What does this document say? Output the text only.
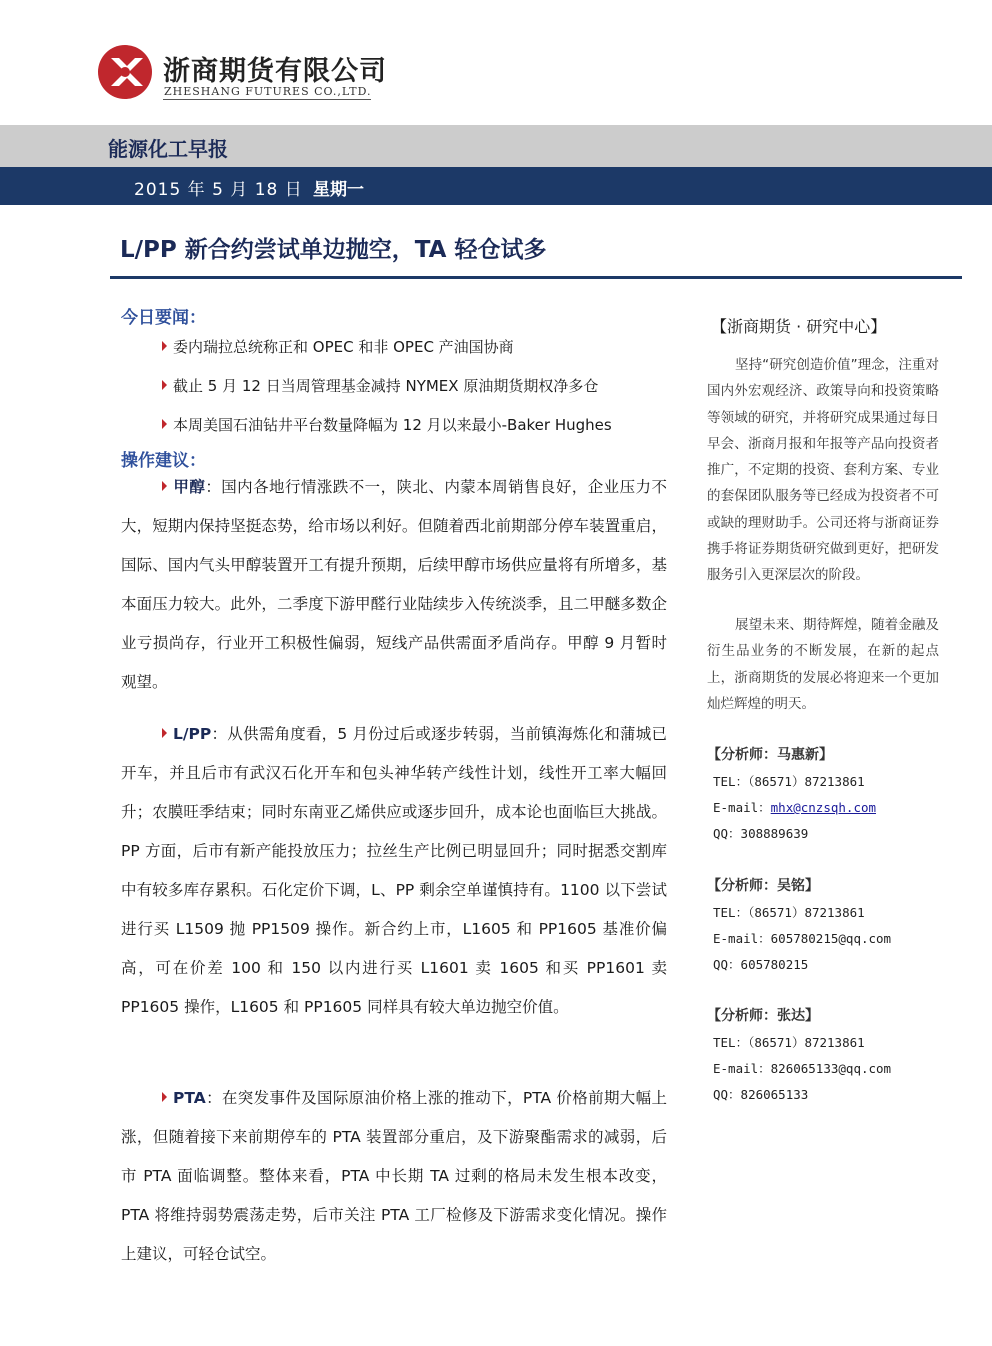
浙商期货有限公司
ZHESHANG FUTURES CO.,LTD.
能源化工早报
2015 年 5 月 18 日 星期一
L/PP 新合约尝试单边抛空，TA 轻仓试多
今日要闻：
委内瑞拉总统称正和 OPEC 和非 OPEC 产油国协商
截止 5 月 12 日当周管理基金减持 NYMEX 原油期货期权净多仓
本周美国石油钻井平台数量降幅为 12 月以来最小-Baker Hughes
操作建议：
甲醇：国内各地行情涨跌不一，陕北、内蒙本周销售良好，企业压力不大，短期内保持坚挺态势，给市场以利好。但随着西北前期部分停车装置重启，国际、国内气头甲醇装置开工有提升预期，后续甲醇市场供应量将有所增多，基本面压力较大。此外，二季度下游甲醛行业陆续步入传统淡季，且二甲醚多数企业亏损尚存，行业开工积极性偏弱，短线产品供需面矛盾尚存。甲醇 9 月暂时观望。
L/PP：从供需角度看，5 月份过后或逐步转弱，当前镇海炼化和蒲城已开车，并且后市有武汉石化开车和包头神华转产线性计划，线性开工率大幅回升；农膜旺季结束；同时东南亚乙烯供应或逐步回升，成本论也面临巨大挑战。PP 方面，后市有新产能投放压力；拉丝生产比例已明显回升；同时据悉交割库中有较多库存累积。石化定价下调，L、PP 剩余空单谨慎持有。1100 以下尝试进行买 L1509 抛 PP1509 操作。新合约上市，L1605 和 PP1605 基准价偏高，可在价差 100 和 150 以内进行买 L1601 卖 1605 和买 PP1601 卖 PP1605 操作，L1605 和 PP1605 同样具有较大单边抛空价值。
PTA：在突发事件及国际原油价格上涨的推动下，PTA 价格前期大幅上涨，但随着接下来前期停车的 PTA 装置部分重启，及下游聚酯需求的减弱，后市 PTA 面临调整。整体来看，PTA 中长期 TA 过剩的格局未发生根本改变，PTA 将维持弱势震荡走势，后市关注 PTA 工厂检修及下游需求变化情况。操作上建议，可轻仓试空。
【浙商期货 · 研究中心】
坚持“研究创造价值”理念，注重对国内外宏观经济、政策导向和投资策略等领域的研究，并将研究成果通过每日早会、浙商月报和年报等产品向投资者推广，不定期的投资、套利方案、专业的套保团队服务等已经成为投资者不可或缺的理财助手。公司还将与浙商证券携手将证券期货研究做到更好，把研发服务引入更深层次的阶段。
展望未来、期待辉煌，随着金融及衍生品业务的不断发展，在新的起点上，浙商期货的发展必将迎来一个更加灿烂辉煌的明天。
【分析师：马惠新】
TEL：（86571）87213861
E-mail：mhx@cnzsqh.com
QQ：308889639
【分析师：吴铭】
TEL：（86571）87213861
E-mail：605780215@qq.com
QQ：605780215
【分析师：张达】
TEL：（86571）87213861
E-mail：826065133@qq.com
QQ：826065133
